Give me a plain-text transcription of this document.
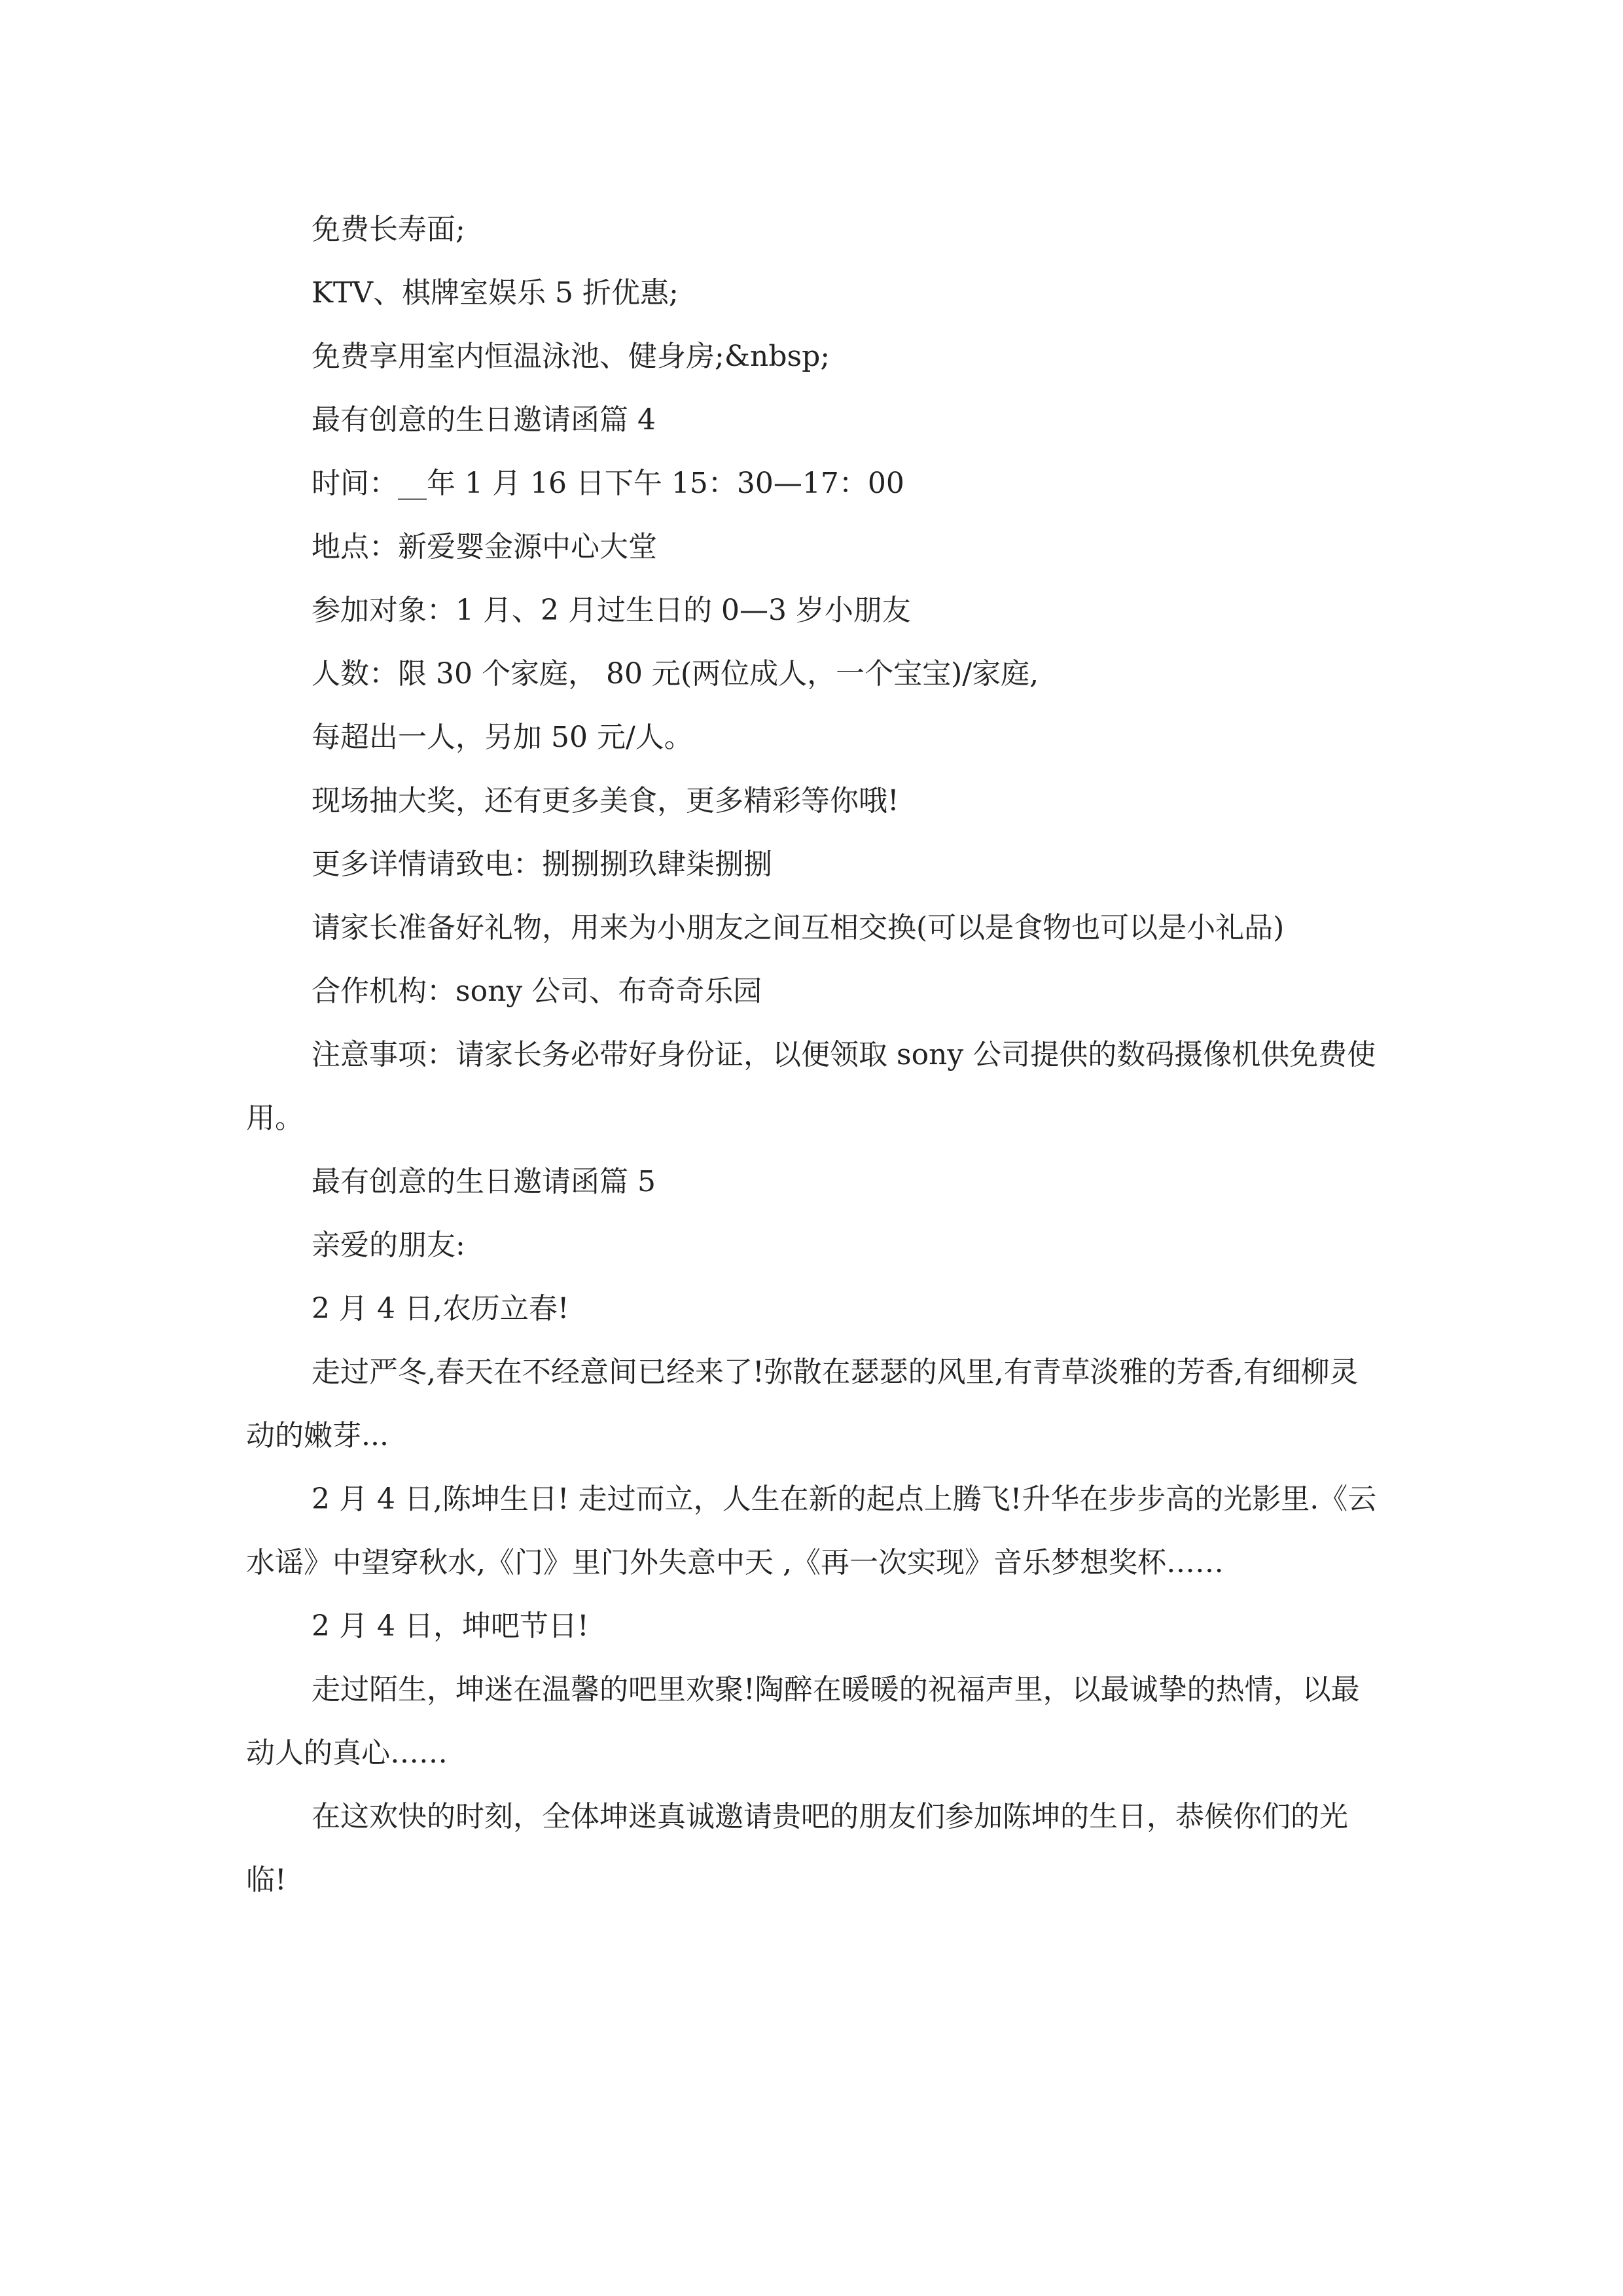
免费长寿面;

KTV、棋牌室娱乐 5 折优惠;

免费享用室内恒温泳池、健身房;&nbsp;

最有创意的生日邀请函篇 4

时间：__年 1 月 16 日下午 15：30—17：00

地点：新爱婴金源中心大堂

参加对象：1 月、2 月过生日的 0—3 岁小朋友

人数：限 30 个家庭， 80 元(两位成人，一个宝宝)/家庭,

每超出一人，另加 50 元/人。

现场抽大奖，还有更多美食，更多精彩等你哦!

更多详情请致电：捌捌捌玖肆柒捌捌

请家长准备好礼物，用来为小朋友之间互相交换(可以是食物也可以是小礼品)

合作机构：sony 公司、布奇奇乐园

注意事项：请家长务必带好身份证，以便领取 sony 公司提供的数码摄像机供免费使用。

最有创意的生日邀请函篇 5

亲爱的朋友:

2 月 4 日,农历立春!

走过严冬,春天在不经意间已经来了!弥散在瑟瑟的风里,有青草淡雅的芳香,有细柳灵动的嫩芽...

2 月 4 日,陈坤生日! 走过而立，人生在新的起点上腾飞!升华在步步高的光影里.《云水谣》中望穿秋水,《门》里门外失意中天 ,《再一次实现》音乐梦想奖杯……

2 月 4 日，坤吧节日!

走过陌生，坤迷在温馨的吧里欢聚!陶醉在暖暖的祝福声里，以最诚挚的热情，以最动人的真心……

在这欢快的时刻，全体坤迷真诚邀请贵吧的朋友们参加陈坤的生日，恭候你们的光临!
